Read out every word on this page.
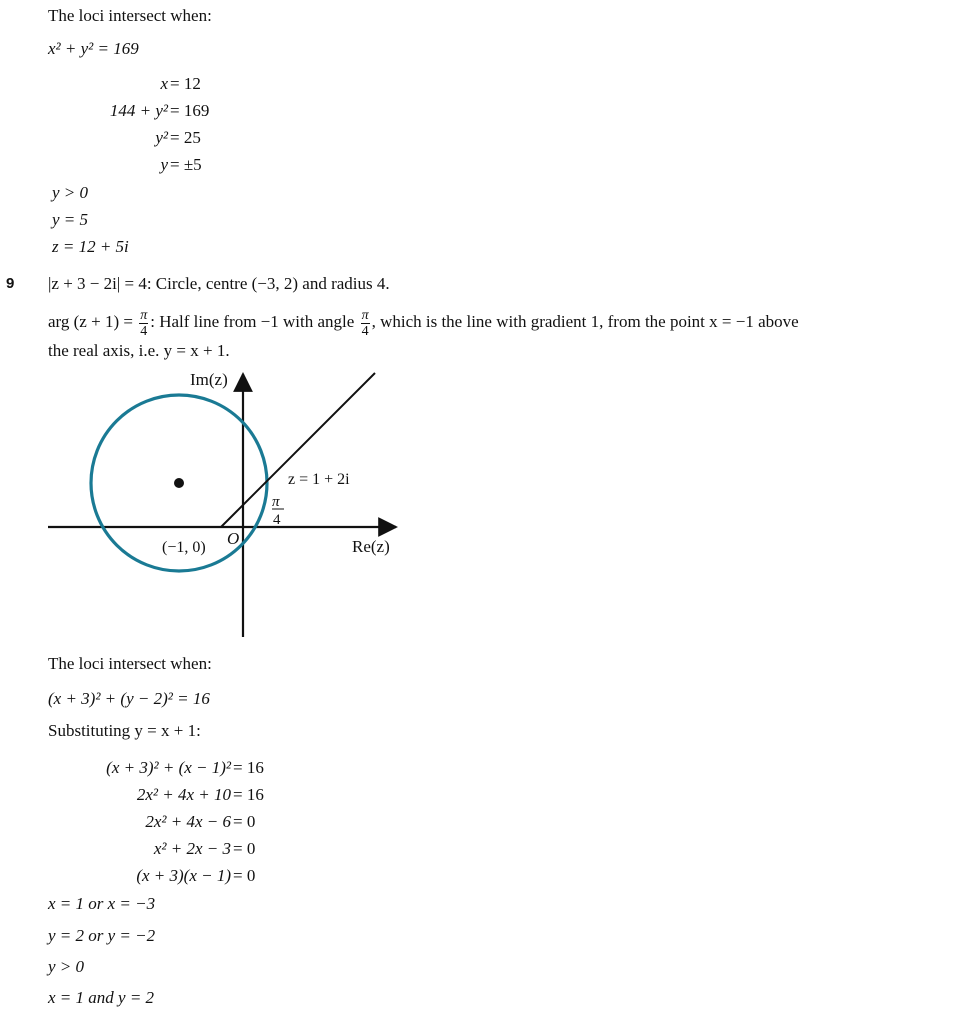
The loci intersect when:
x² + y² = 169
x = 12
144 + y² = 169
y² = 25
y = ±5
y > 0
y = 5
z = 12 + 5i
9 |z + 3 − 2i| = 4: Circle, centre (−3, 2) and radius 4.
arg $(z + 1) = \frac{\pi}{4}$ : Half line from −1 with angle $\frac{\pi}{4}$ , which is the line with gradient 1, from the point x = −1 above
the real axis, i.e. y = x + 1.
Im(z)
Re(z)
O
(−1, 0)
z = 1 + 2i
π
4
The loci intersect when:
(x + 3)² + (y − 2)² = 16
Substituting y = x + 1:
(x + 3)² + (x − 1)² = 16
2x² + 4x + 10 = 16
2x² + 4x − 6 = 0
x² + 2x − 3 = 0
(x + 3)(x − 1) = 0
x = 1 or x = −3
y = 2 or y = −2
y > 0
x = 1 and y = 2
